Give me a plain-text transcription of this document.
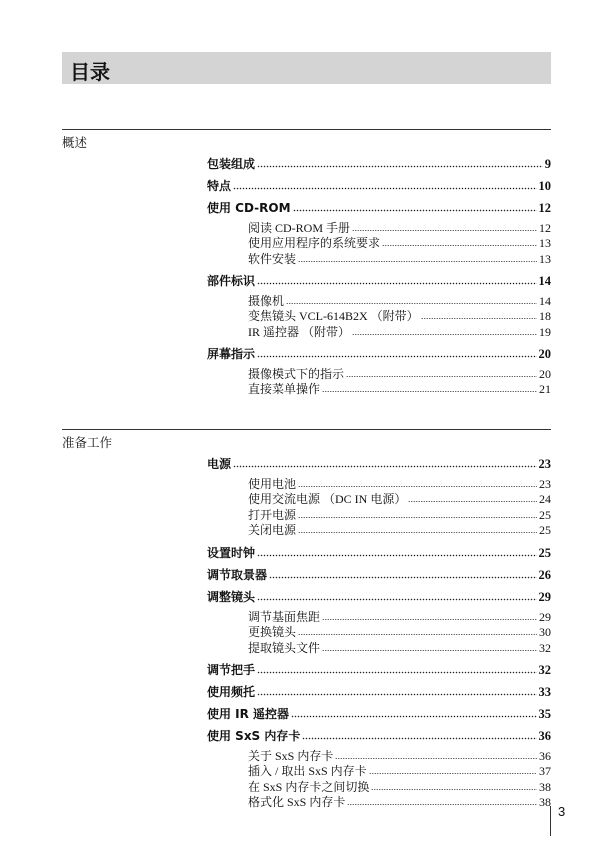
目录
概述
包装组成	9
特点	10
使用 CD-ROM	12
阅读 CD-ROM 手册	12
使用应用程序的系统要求	13
软件安装	13
部件标识	14
摄像机	14
变焦镜头 VCL-614B2X （附带）	18
IR 遥控器 （附带）	19
屏幕指示	20
摄像模式下的指示	20
直接菜单操作	21
准备工作
电源	23
使用电池	23
使用交流电源 （DC IN 电源）	24
打开电源	25
关闭电源	25
设置时钟	25
调节取景器	26
调整镜头	29
调节基面焦距	29
更换镜头	30
提取镜头文件	32
调节把手	32
使用频托	33
使用 IR 遥控器	35
使用 SxS 内存卡	36
关于 SxS 内存卡	36
插入 / 取出 SxS 内存卡	37
在 SxS 内存卡之间切换	38
格式化 SxS 内存卡	38
3
